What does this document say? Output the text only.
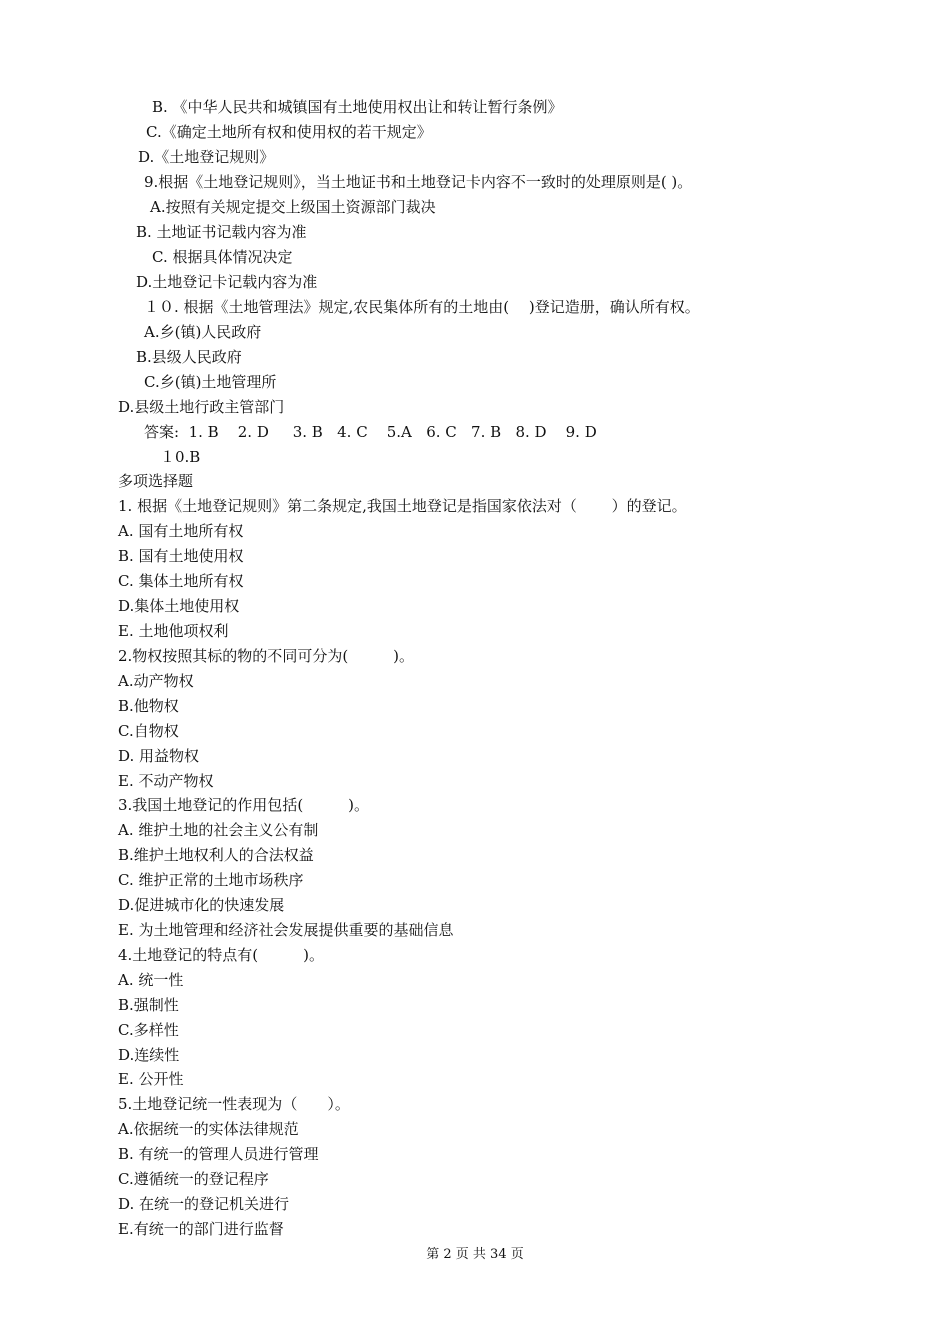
B. 《中华人民共和城镇国有土地使用权出让和转让暂行条例》
C.《确定土地所有权和使用权的若干规定》
D.《土地登记规则》
9.根据《土地登记规则》，当土地证书和土地登记卡内容不一致时的处理原则是( )。
A.按照有关规定提交上级国土资源部门裁决
B. 土地证书记载内容为准
C. 根据具体情况决定
D.土地登记卡记载内容为准
１０. 根据《土地管理法》规定,农民集体所有的土地由(　 )登记造册，确认所有权。
A.乡(镇)人民政府
B.县级人民政府
C.乡(镇)土地管理所
D.县级土地行政主管部门
答案:  1. B    2. D     3. B   4. C    5.A   6. C   7. B   8. D    9. D
１0.B
多项选择题
1. 根据《土地登记规则》第二条规定,我国土地登记是指国家依法对（　　 ）的登记。
A. 国有土地所有权
B. 国有土地使用权
C. 集体土地所有权
D.集体土地使用权
E. 土地他项权利
2.物权按照其标的物的不同可分为(　　　)。
A.动产物权
B.他物权
C.自物权
D. 用益物权
E. 不动产物权
3.我国土地登记的作用包括(　　　)。
A. 维护土地的社会主义公有制
B.维护土地权利人的合法权益
C. 维护正常的土地市场秩序
D.促进城市化的快速发展
E. 为土地管理和经济社会发展提供重要的基础信息
4.土地登记的特点有(　　　)。
A. 统一性
B.强制性
C.多样性
D.连续性
E. 公开性
5.土地登记统一性表现为（　　）。
A.依据统一的实体法律规范
B. 有统一的管理人员进行管理
C.遵循统一的登记程序
D. 在统一的登记机关进行
E.有统一的部门进行监督
第 2 页 共 34 页
